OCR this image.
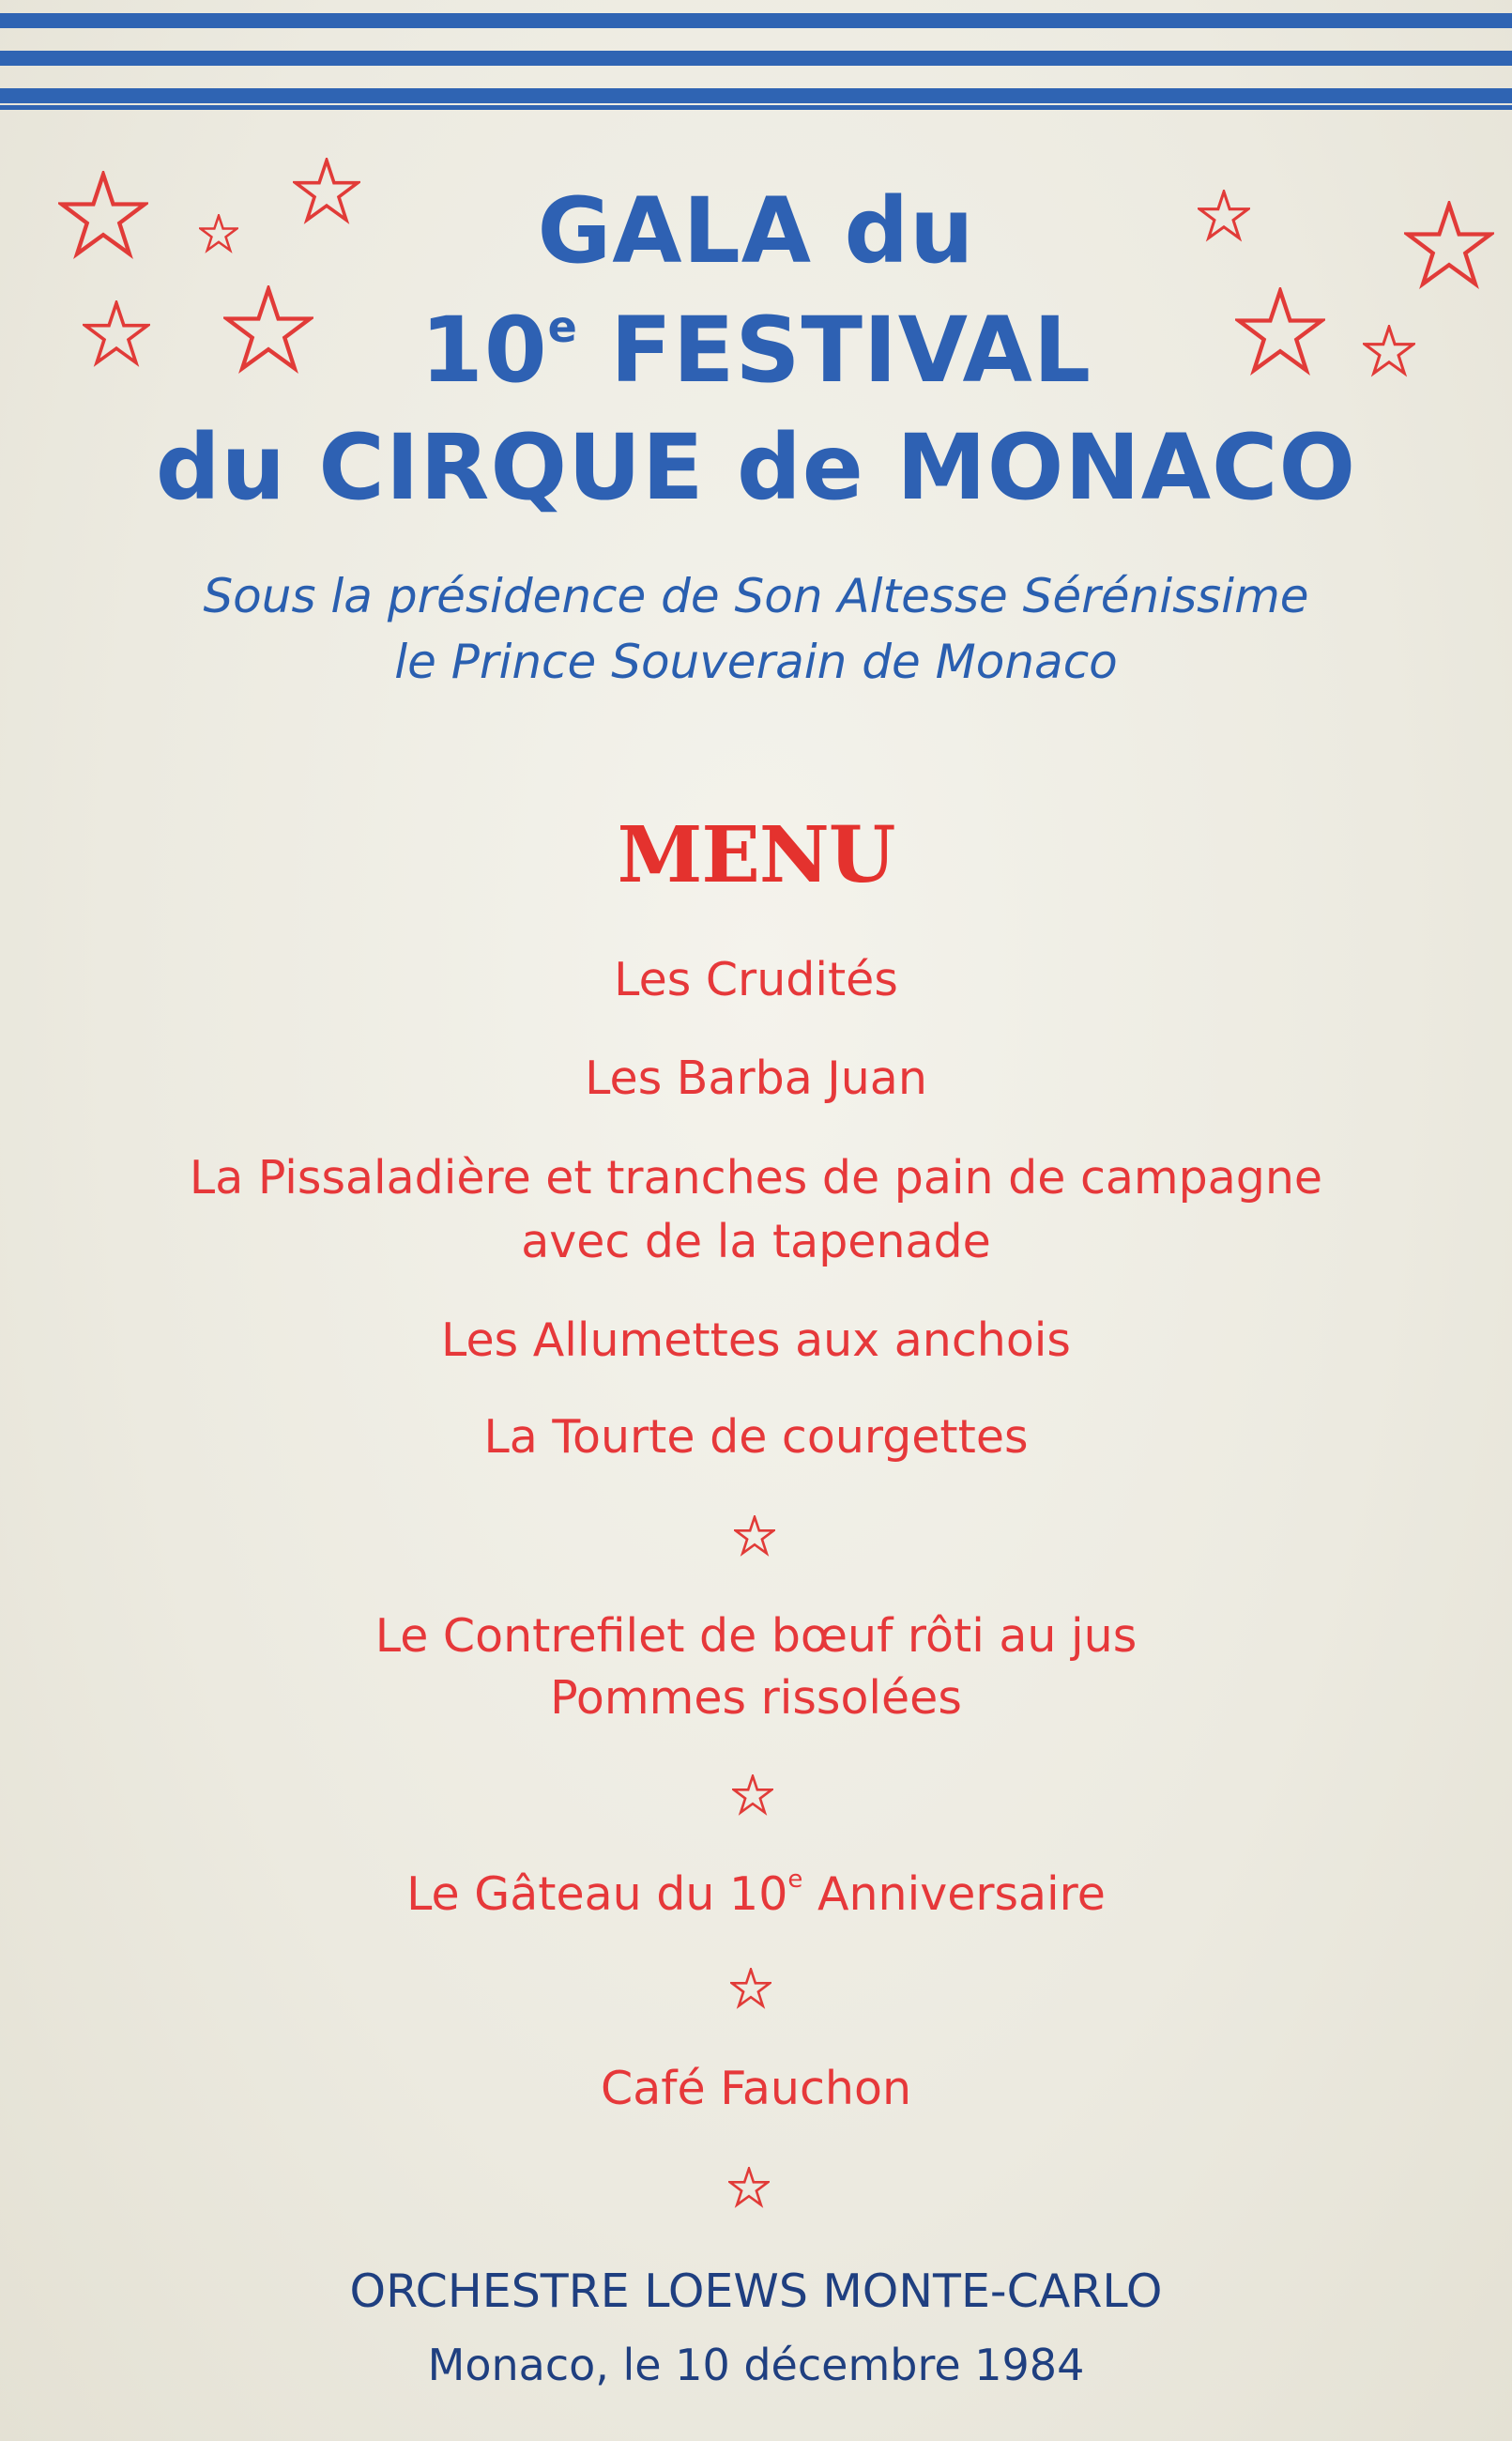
GALA du
10e FESTIVAL
du CIRQUE de MONACO
Sous la présidence de Son Altesse Sérénissime
le Prince Souverain de Monaco
MENU
Les Crudités
Les Barba Juan
La Pissaladière et tranches de pain de campagne
avec de la tapenade
Les Allumettes aux anchois
La Tourte de courgettes
Le Contrefilet de bœuf rôti au jus
Pommes rissolées
Le Gâteau du 10e Anniversaire
Café Fauchon
ORCHESTRE LOEWS MONTE-CARLO
Monaco, le 10 décembre 1984
